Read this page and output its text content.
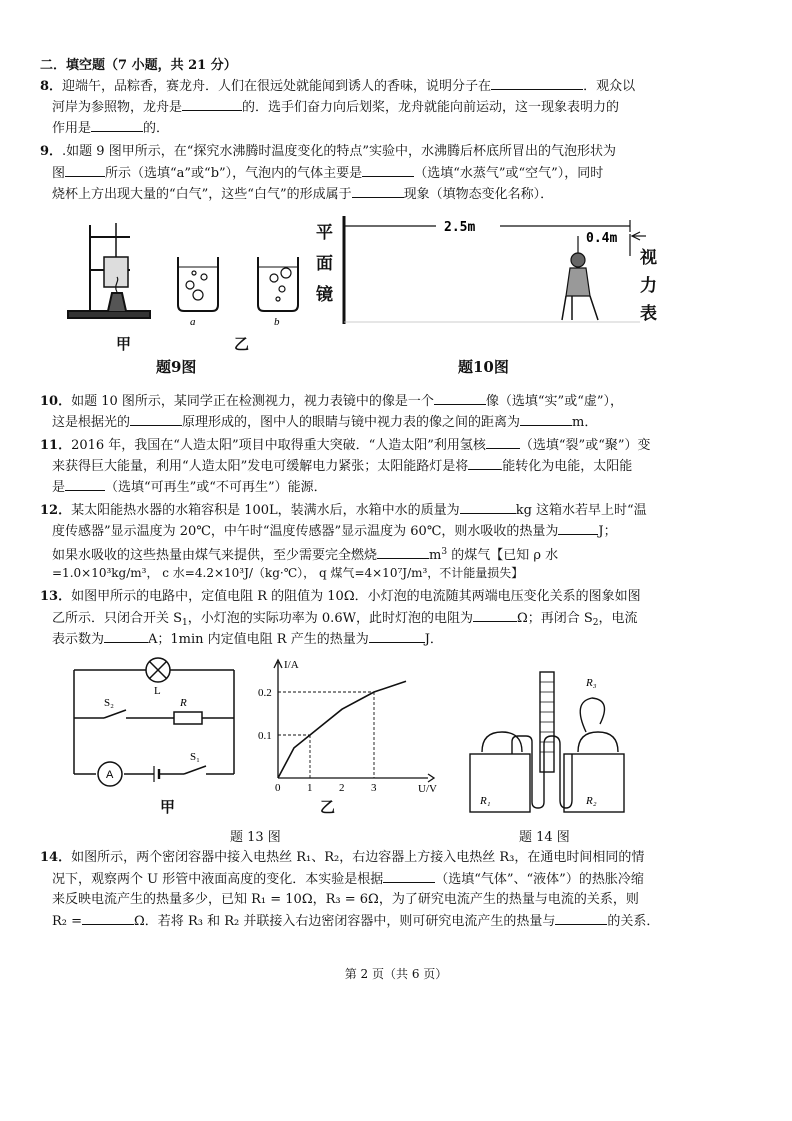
二．填空题（7 小题，共 21 分）
8．迎端午，品粽香，赛龙舟．人们在很远处就能闻到诱人的香味，说明分子在	．观众以
河岸为参照物，龙舟是	的．选手们奋力向后划桨，龙舟就能向前运动，这一现象表明力的
作用是	的．
9．.如题 9 图甲所示，在“探究水沸腾时温度变化的特点”实验中，水沸腾后杯底所冒出的气泡形状为
图	所示（选填“a”或“b”），气泡内的气体主要是	（选填“水蒸气”或“空气”），同时
烧杯上方出现大量的“白气”，这些“白气”的形成属于	现象（填物态变化名称）．
a	b
甲	乙
题9图
平
面
镜
2.5m
0.4m
视
力
表
题10图
10．如题 10 图所示，某同学正在检测视力，视力表镜中的像是一个	像（选填“实”或“虚”），
这是根据光的	原理形成的，图中人的眼睛与镜中视力表的像之间的距离为	m．
11．2016 年，我国在“人造太阳”项目中取得重大突破．“人造太阳”利用氢核	（选填“裂”或“聚”）变
来获得巨大能量，利用“人造太阳”发电可缓解电力紧张；太阳能路灯是将	能转化为电能，太阳能
是	（选填“可再生”或“不可再生”）能源．
12．某太阳能热水器的水箱容积是 100L，装满水后，水箱中水的质量为	kg 这箱水若早上时“温
度传感器”显示温度为 20℃，中午时“温度传感器”显示温度为 60℃，则水吸收的热量为	J；
如果水吸收的这些热量由煤气来提供，至少需要完全燃烧	$m^3$ 的煤气【已知 ρ 水
=1.0×10³kg/m³， c 水=4.2×10³J/（kg·℃）， q 煤气=4×10⁷J/m³，不计能量损失】
13．如图甲所示的电路中，定值电阻 R 的阻值为 10Ω．小灯泡的电流随其两端电压变化关系的图象如图
乙所示．只闭合开关 $S_1$，小灯泡的实际功率为 0.6W，此时灯泡的电阻为	Ω；再闭合 $S_2$，电流
表示数为	A；1min 内定值电阻 R 产生的热量为	J．
L
S₂	R
A
S₁
0 1 2 3
0.1
0.2
I/A
U/V
甲	乙
题 13 图
R₁	R₂
R₃
题 14 图
14．如图所示，两个密闭容器中接入电热丝 R₁、R₂，右边容器上方接入电热丝 R₃，在通电时间相同的情
况下，观察两个 U 形管中液面高度的变化．本实验是根据	（选填“气体”、“液体”）的热胀冷缩
来反映电流产生的热量多少，已知 R₁ = 10Ω，R₃ = 6Ω，为了研究电流产生的热量与电流的关系，则
R₂ =	Ω．若将 R₃ 和 R₂ 并联接入右边密闭容器中，则可研究电流产生的热量与	的关系．
第 2 页（共 6 页）
